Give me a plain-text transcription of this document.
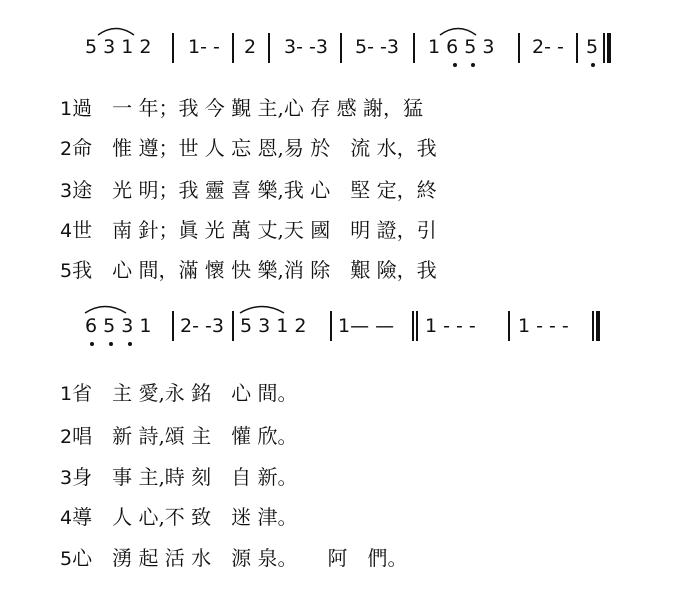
5 3 1 2 1- - 2 3- -3 5- -3 1 6 5 3 2- - 5
1過　一 年；我 今 覲 主,心 存 感 謝，猛
2命　惟 遵；世 人 忘 恩,易 於　流 水，我
3途　光 明；我 靈 喜 樂,我 心　堅 定，終
4世　南 針；眞 光 萬 丈,天 國　明 證，引
5我　心 間，滿 懷 快 樂,消 除　艱 險，我
6 5 3 1 2- -3 5 3 1 2 1— — 1 - - - 1 - - -
1省　主 愛,永 銘　心 間。
2唱　新 詩,頌 主　懽 欣。
3身　事 主,時 刻　自 新。
4導　人 心,不 致　迷 津。
5心　湧 起 活 水　源 泉。　　阿　們。
